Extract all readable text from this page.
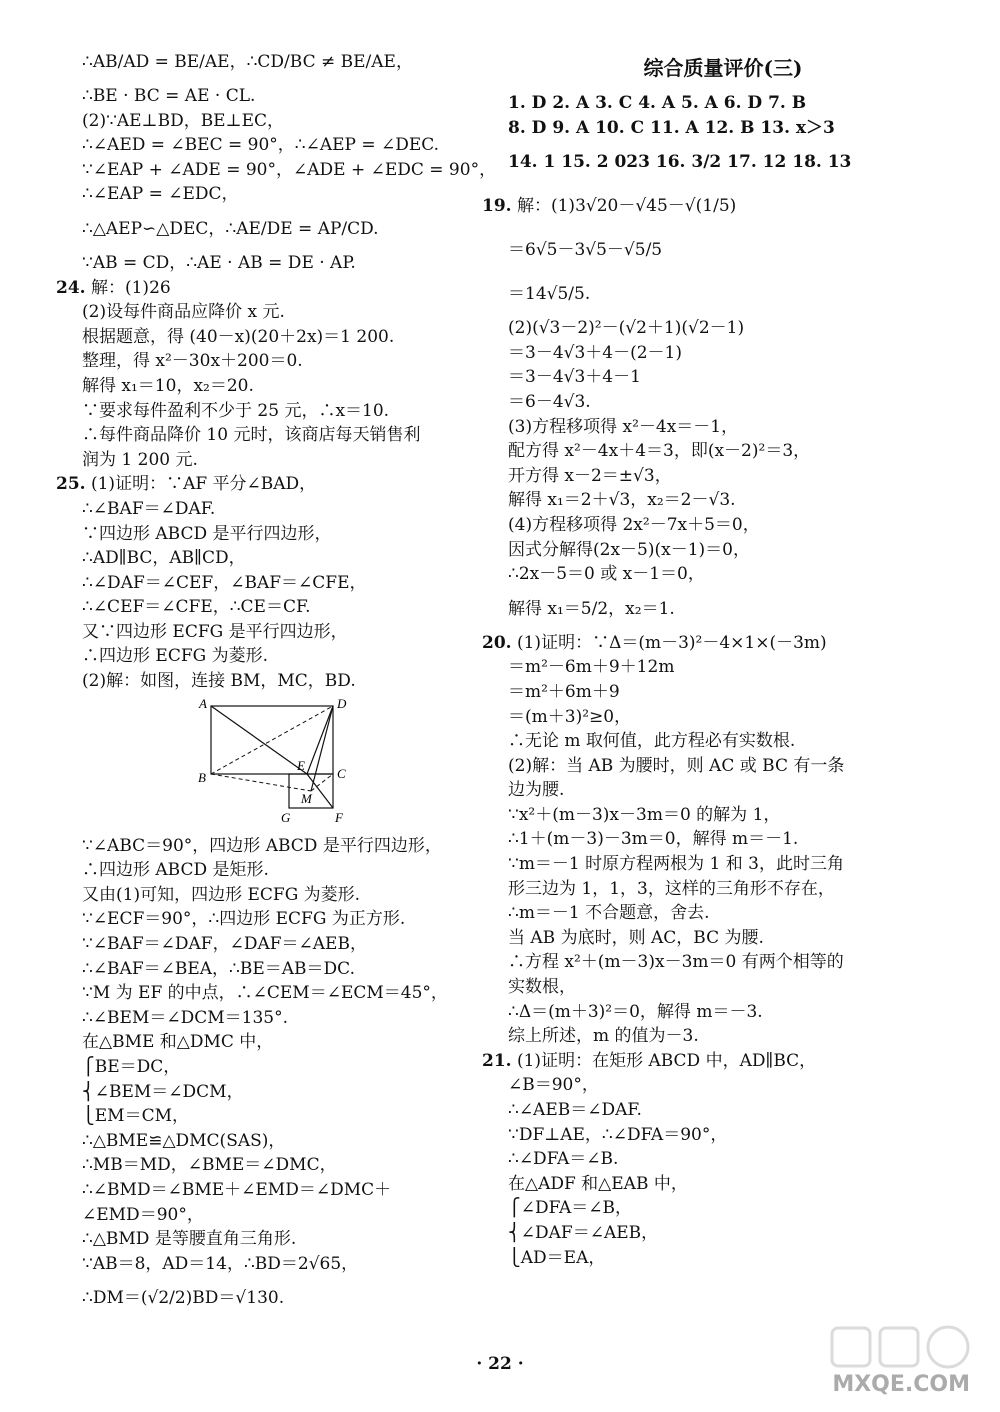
∴AB/AD = BE/AE，∴CD/BC ≠ BE/AE，
∴BE · BC = AE · CL.
(2)∵AE⊥BD，BE⊥EC，
∴∠AED = ∠BEC = 90°，∴∠AEP = ∠DEC.
∵∠EAP + ∠ADE = 90°，∠ADE + ∠EDC = 90°，
∴∠EAP = ∠EDC，
∴△AEP∽△DEC，∴AE/DE = AP/CD.
∵AB = CD，∴AE · AB = DE · AP.
24. 解：(1)26
(2)设每件商品应降价 x 元.
根据题意，得 (40－x)(20＋2x)＝1 200.
整理，得 x²－30x＋200＝0.
解得 x₁＝10，x₂＝20.
∵要求每件盈利不少于 25 元，∴x＝10.
∴每件商品降价 10 元时，该商店每天销售利
润为 1 200 元.
25. (1)证明：∵AF 平分∠BAD，
∴∠BAF＝∠DAF.
∵四边形 ABCD 是平行四边形，
∴AD∥BC，AB∥CD，
∴∠DAF＝∠CEF，∠BAF＝∠CFE，
∴∠CEF＝∠CFE，∴CE＝CF.
又∵四边形 ECFG 是平行四边形，
∴四边形 ECFG 为菱形.
(2)解：如图，连接 BM，MC，BD.
A	D
B	C
E
M
G	F
∵∠ABC＝90°，四边形 ABCD 是平行四边形，
∴四边形 ABCD 是矩形.
又由(1)可知，四边形 ECFG 为菱形.
∵∠ECF＝90°，∴四边形 ECFG 为正方形.
∵∠BAF＝∠DAF，∠DAF＝∠AEB，
∴∠BAF＝∠BEA，∴BE＝AB＝DC.
∵M 为 EF 的中点，∴∠CEM＝∠ECM＝45°，
∴∠BEM＝∠DCM＝135°.
在△BME 和△DMC 中，
⎧BE＝DC，
⎨∠BEM＝∠DCM，
⎩EM＝CM，
∴△BME≌△DMC(SAS)，
∴MB＝MD，∠BME＝∠DMC，
∴∠BMD＝∠BME＋∠EMD＝∠DMC＋
∠EMD＝90°，
∴△BMD 是等腰直角三角形.
∵AB＝8，AD＝14，∴BD＝2√65，
∴DM＝(√2/2)BD＝√130.
综合质量评价(三)
1. D 2. A 3. C 4. A 5. A 6. D 7. B
8. D 9. A 10. C 11. A 12. B 13. x＞3
14. 1 15. 2 023 16. 3/2 17. 12 18. 13
19. 解：(1)3√20－√45－√(1/5)
＝6√5－3√5－√5/5
＝14√5/5.
(2)(√3－2)²－(√2＋1)(√2－1)
＝3－4√3＋4－(2－1)
＝3－4√3＋4－1
＝6－4√3.
(3)方程移项得 x²－4x＝－1，
配方得 x²－4x＋4＝3，即(x－2)²＝3，
开方得 x－2＝±√3，
解得 x₁＝2＋√3，x₂＝2－√3.
(4)方程移项得 2x²－7x＋5＝0，
因式分解得(2x－5)(x－1)＝0，
∴2x－5＝0 或 x－1＝0，
解得 x₁＝5/2，x₂＝1.
20. (1)证明：∵Δ＝(m－3)²－4×1×(－3m)
＝m²－6m＋9＋12m
＝m²＋6m＋9
＝(m＋3)²≥0，
∴无论 m 取何值，此方程必有实数根.
(2)解：当 AB 为腰时，则 AC 或 BC 有一条
边为腰.
∵x²＋(m－3)x－3m＝0 的解为 1，
∴1＋(m－3)－3m＝0，解得 m＝－1.
∵m＝－1 时原方程两根为 1 和 3，此时三角
形三边为 1，1，3，这样的三角形不存在，
∴m＝－1 不合题意，舍去.
当 AB 为底时，则 AC，BC 为腰.
∴方程 x²＋(m－3)x－3m＝0 有两个相等的
实数根，
∴Δ＝(m＋3)²＝0，解得 m＝－3.
综上所述，m 的值为－3.
21. (1)证明：在矩形 ABCD 中，AD∥BC，
∠B＝90°，
∴∠AEB＝∠DAF.
∵DF⊥AE，∴∠DFA＝90°，
∴∠DFA＝∠B.
在△ADF 和△EAB 中，
⎧∠DFA＝∠B，
⎨∠DAF＝∠AEB，
⎩AD＝EA，
· 22 ·
MXQE.COM
